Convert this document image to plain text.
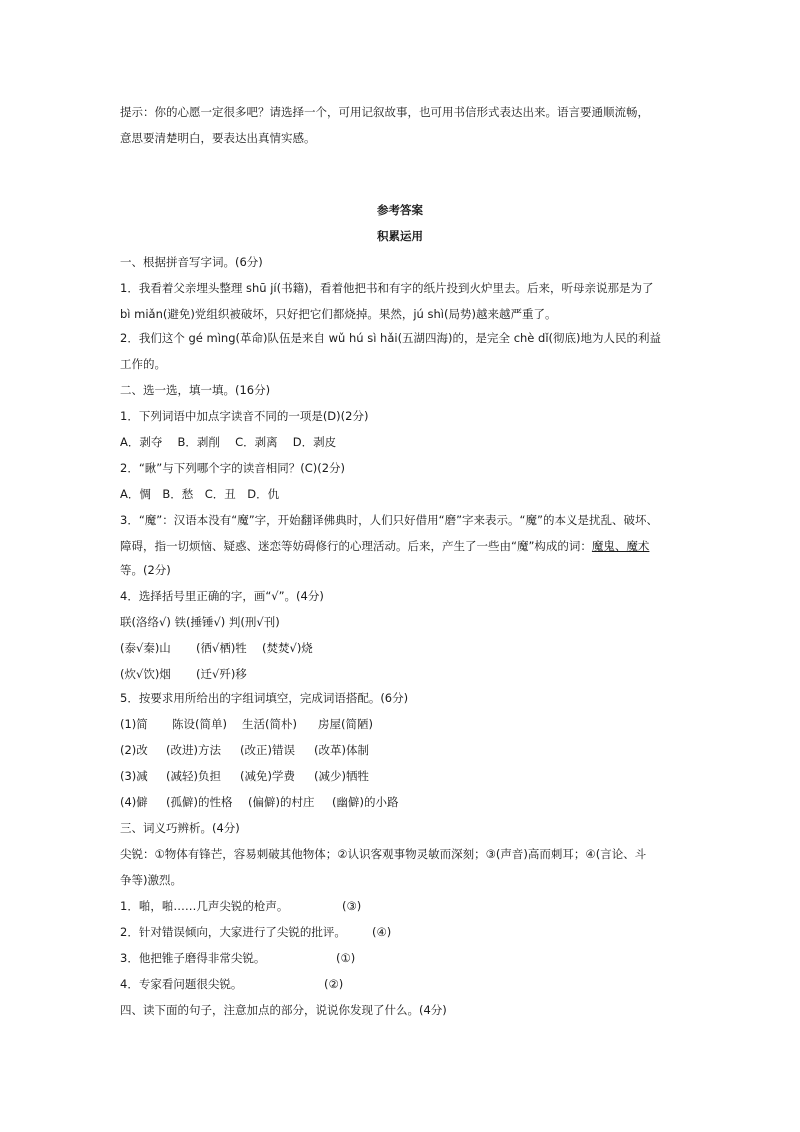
提示：你的心愿一定很多吧？请选择一个，可用记叙故事，也可用书信形式表达出来。语言要通顺流畅，
意思要清楚明白，要表达出真情实感。
参考答案
积累运用
一、根据拼音写字词。(6分)
1．我看着父亲埋头整理 shū jí(书籍)，看着他把书和有字的纸片投到火炉里去。后来，听母亲说那是为了
bì miǎn(避免)党组织被破坏，只好把它们都烧掉。果然，jú shì(局势)越来越严重了。
2．我们这个 gé mìng(革命)队伍是来自 wǔ hú sì hǎi(五湖四海)的，是完全 chè dǐ(彻底)地为人民的利益
工作的。
二、选一选，填一填。(16分)
1．下列词语中加点字读音不同的一项是(D)(2分)
A．剥夺　 B．剥削　 C．剥离　 D．剥皮
2．“瞅”与下列哪个字的读音相同？(C)(2分)
A．惆　B．愁　C．丑　D．仇
3．“魔”：汉语本没有“魔”字，开始翻译佛典时，人们只好借用“磨”字来表示。“魔”的本义是扰乱、破坏、
障碍，指一切烦恼、疑惑、迷恋等妨碍修行的心理活动。后来，产生了一些由“魔”构成的词：魔鬼、魔术
等。(2分)
4．选择括号里正确的字，画“√”。(4分)
联(洛络√) 铁(捶锤√) 判(刑√刊)
(泰√秦)山 (徆√栖)牲 (焚焚√)烧
(炊√饮)烟 (迁√歼)移
5．按要求用所给出的字组词填空，完成词语搭配。(6分)
(1)简 陈设(简单) 生活(简朴) 房屋(简陋)
(2)改 (改进)方法 (改正)错误 (改革)体制
(3)减 (减轻)负担 (减免)学费 (减少)牺牲
(4)僻 (孤僻)的性格 (偏僻)的村庄 (幽僻)的小路
三、词义巧辨析。(4分)
尖锐：①物体有锋芒，容易刺破其他物体；②认识客观事物灵敏而深刻；③(声音)高而刺耳；④(言论、斗
争等)激烈。
1．啪，啪……几声尖锐的枪声。	(③)
2．针对错误倾向，大家进行了尖锐的批评。 (④)
3．他把锥子磨得非常尖锐。	(①)
4．专家看问题很尖锐。	(②)
四、读下面的句子，注意加点的部分，说说你发现了什么。(4分)
